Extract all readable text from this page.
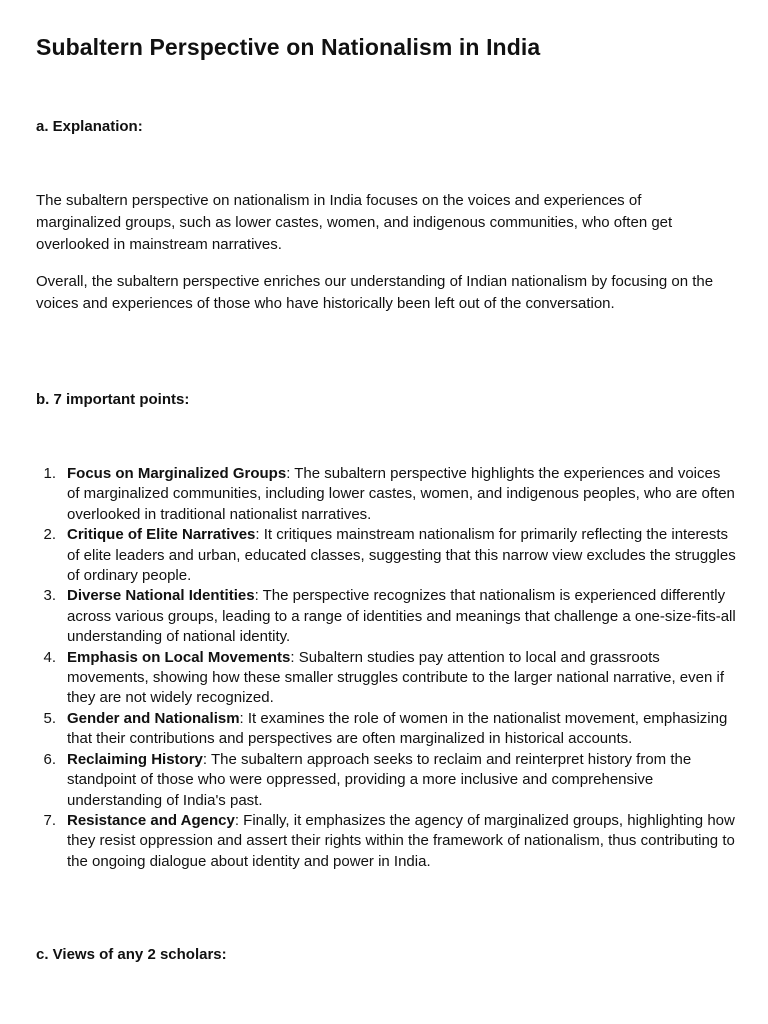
Subaltern Perspective on Nationalism in India
a. Explanation:

The subaltern perspective on nationalism in India focuses on the voices and experiences of marginalized groups, such as lower castes, women, and indigenous communities, who often get overlooked in mainstream narratives.

Overall, the subaltern perspective enriches our understanding of Indian nationalism by focusing on the voices and experiences of those who have historically been left out of the conversation.

b. 7 important points:
1. Focus on Marginalized Groups: The subaltern perspective highlights the experiences and voices of marginalized communities, including lower castes, women, and indigenous peoples, who are often overlooked in traditional nationalist narratives.
2. Critique of Elite Narratives: It critiques mainstream nationalism for primarily reflecting the interests of elite leaders and urban, educated classes, suggesting that this narrow view excludes the struggles of ordinary people.
3. Diverse National Identities: The perspective recognizes that nationalism is experienced differently across various groups, leading to a range of identities and meanings that challenge a one-size-fits-all understanding of national identity.
4. Emphasis on Local Movements: Subaltern studies pay attention to local and grassroots movements, showing how these smaller struggles contribute to the larger national narrative, even if they are not widely recognized.
5. Gender and Nationalism: It examines the role of women in the nationalist movement, emphasizing that their contributions and perspectives are often marginalized in historical accounts.
6. Reclaiming History: The subaltern approach seeks to reclaim and reinterpret history from the standpoint of those who were oppressed, providing a more inclusive and comprehensive understanding of India's past.
7. Resistance and Agency: Finally, it emphasizes the agency of marginalized groups, highlighting how they resist oppression and assert their rights within the framework of nationalism, thus contributing to the ongoing dialogue about identity and power in India.
c. Views of any 2 scholars:
